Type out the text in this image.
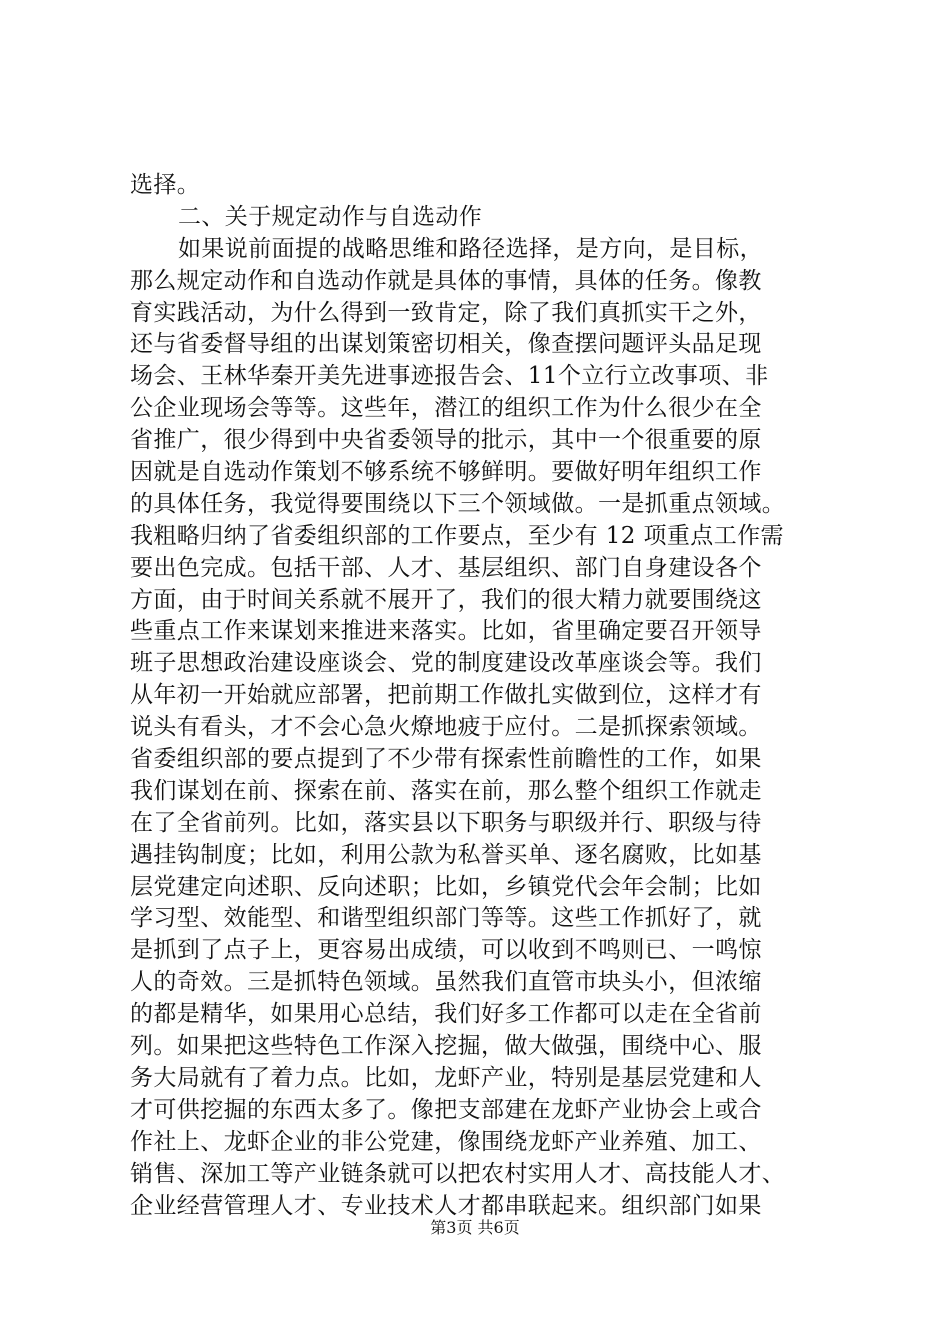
选择。
二、关于规定动作与自选动作
如果说前面提的战略思维和路径选择，是方向，是目标，
那么规定动作和自选动作就是具体的事情，具体的任务。像教
育实践活动，为什么得到一致肯定，除了我们真抓实干之外，
还与省委督导组的出谋划策密切相关，像查摆问题评头品足现
场会、王林华秦开美先进事迹报告会、11个立行立改事项、非
公企业现场会等等。这些年，潜江的组织工作为什么很少在全
省推广，很少得到中央省委领导的批示，其中一个很重要的原
因就是自选动作策划不够系统不够鲜明。要做好明年组织工作
的具体任务，我觉得要围绕以下三个领域做。一是抓重点领域。
我粗略归纳了省委组织部的工作要点，至少有 12 项重点工作需
要出色完成。包括干部、人才、基层组织、部门自身建设各个
方面，由于时间关系就不展开了，我们的很大精力就要围绕这
些重点工作来谋划来推进来落实。比如，省里确定要召开领导
班子思想政治建设座谈会、党的制度建设改革座谈会等。我们
从年初一开始就应部署，把前期工作做扎实做到位，这样才有
说头有看头，才不会心急火燎地疲于应付。二是抓探索领域。
省委组织部的要点提到了不少带有探索性前瞻性的工作，如果
我们谋划在前、探索在前、落实在前，那么整个组织工作就走
在了全省前列。比如，落实县以下职务与职级并行、职级与待
遇挂钩制度；比如，利用公款为私誉买单、逐名腐败，比如基
层党建定向述职、反向述职；比如，乡镇党代会年会制；比如
学习型、效能型、和谐型组织部门等等。这些工作抓好了，就
是抓到了点子上，更容易出成绩，可以收到不鸣则已、一鸣惊
人的奇效。三是抓特色领域。虽然我们直管市块头小，但浓缩
的都是精华，如果用心总结，我们好多工作都可以走在全省前
列。如果把这些特色工作深入挖掘，做大做强，围绕中心、服
务大局就有了着力点。比如，龙虾产业，特别是基层党建和人
才可供挖掘的东西太多了。像把支部建在龙虾产业协会上或合
作社上、龙虾企业的非公党建，像围绕龙虾产业养殖、加工、
销售、深加工等产业链条就可以把农村实用人才、高技能人才、
企业经营管理人才、专业技术人才都串联起来。组织部门如果
第3页 共6页
